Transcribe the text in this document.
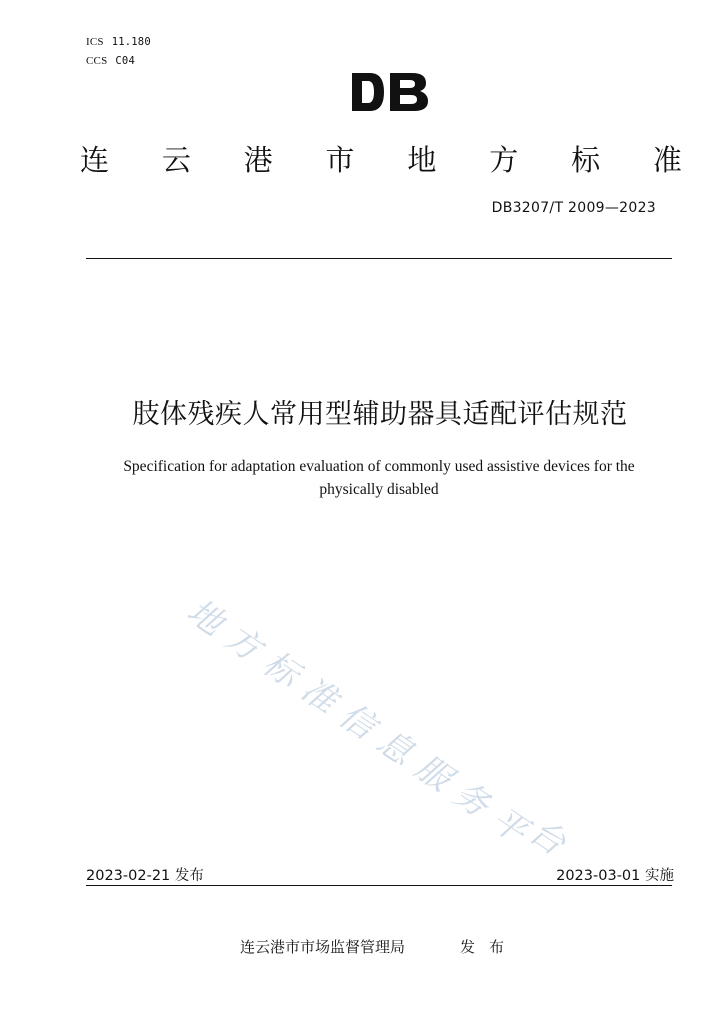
ICS 11.180
CCS C04
连 云 港 市 地 方 标 准
DB3207/T 2009—2023
肢体残疾人常用型辅助器具适配评估规范
Specification for adaptation evaluation of commonly used assistive devices for the physically disabled
地
方
标
准
信
息
服
务
平
台
2023-02-21 发布	2023-03-01 实施
连云港市市场监督管理局	发布
